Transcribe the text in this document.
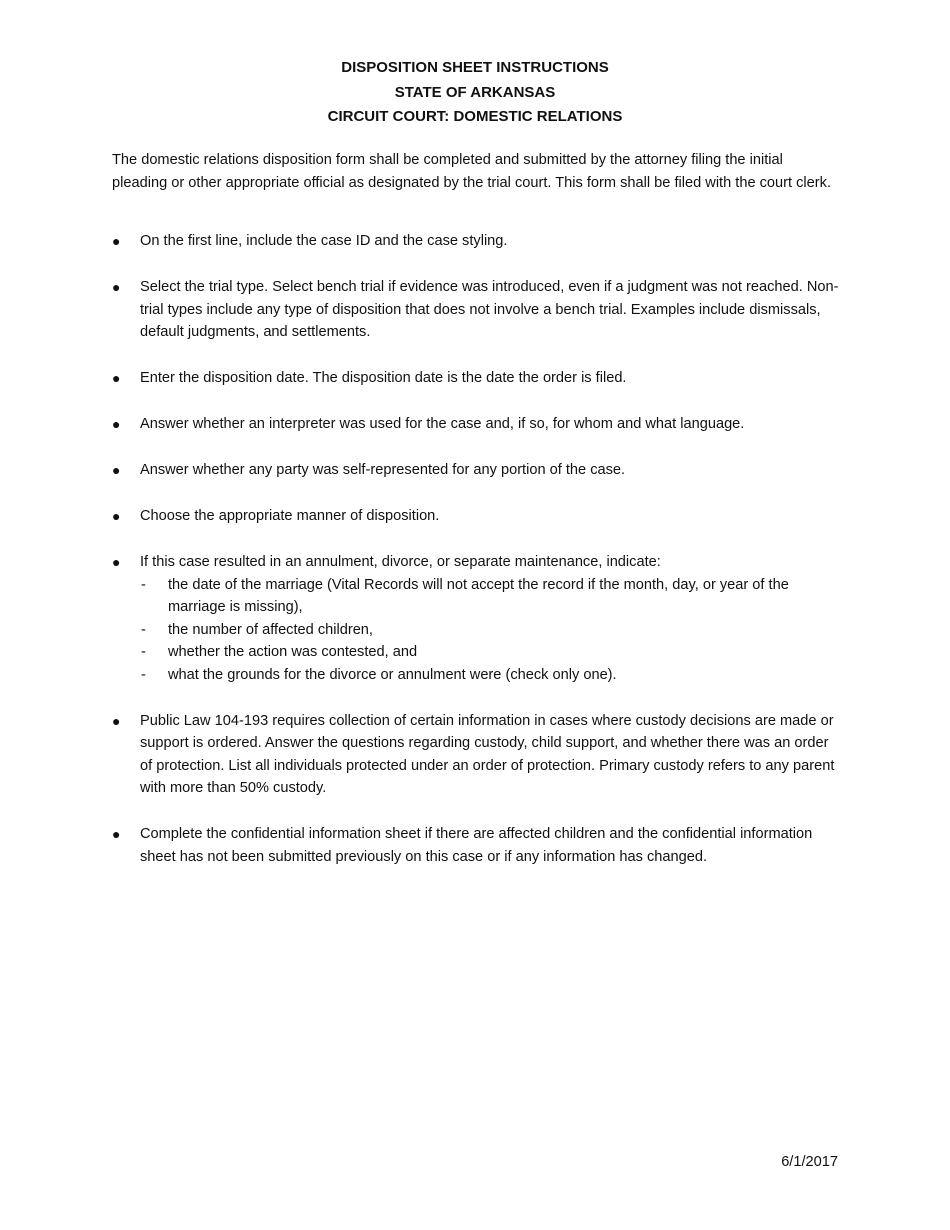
DISPOSITION SHEET INSTRUCTIONS
STATE OF ARKANSAS
CIRCUIT COURT: DOMESTIC RELATIONS
The domestic relations disposition form shall be completed and submitted by the attorney filing the initial pleading or other appropriate official as designated by the trial court. This form shall be filed with the court clerk.
● On the first line, include the case ID and the case styling.
● Select the trial type. Select bench trial if evidence was introduced, even if a judgment was not reached. Non-trial types include any type of disposition that does not involve a bench trial. Examples include dismissals, default judgments, and settlements.
● Enter the disposition date. The disposition date is the date the order is filed.
● Answer whether an interpreter was used for the case and, if so, for whom and what language.
● Answer whether any party was self-represented for any portion of the case.
● Choose the appropriate manner of disposition.
● If this case resulted in an annulment, divorce, or separate maintenance, indicate:
- the date of the marriage (Vital Records will not accept the record if the month, day, or year of the marriage is missing),
- the number of affected children,
- whether the action was contested, and
- what the grounds for the divorce or annulment were (check only one).
● Public Law 104-193 requires collection of certain information in cases where custody decisions are made or support is ordered. Answer the questions regarding custody, child support, and whether there was an order of protection. List all individuals protected under an order of protection. Primary custody refers to any parent with more than 50% custody.
● Complete the confidential information sheet if there are affected children and the confidential information sheet has not been submitted previously on this case or if any information has changed.
6/1/2017
